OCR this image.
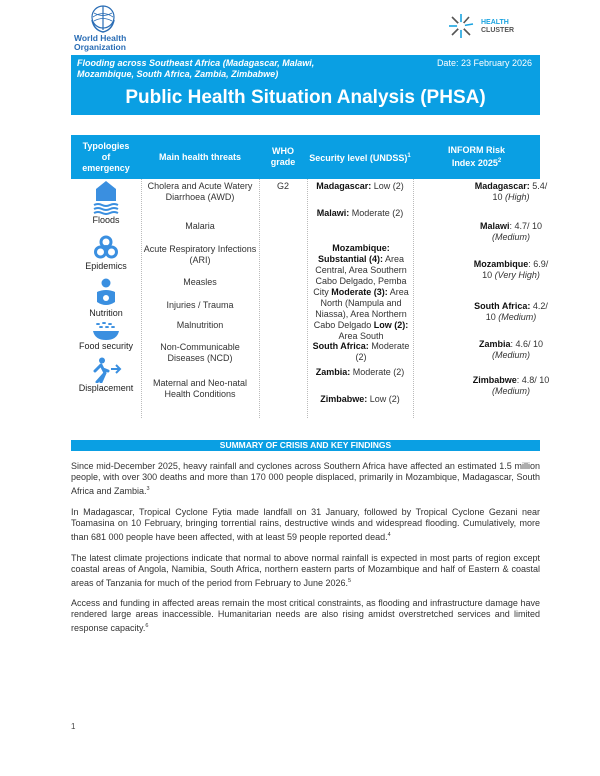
World Health
Organization
HEALTH
CLUSTER
Flooding across Southeast Africa (Madagascar, Malawi,
Mozambique, South Africa, Zambia, Zimbabwe)
Date: 23 February 2026
Public Health Situation Analysis (PHSA)
Typologies of emergency
Main health threats
WHO grade	Security level (UNDSS)$^1$
INFORM Risk Index 2025$^2$
Floods
Epidemics
Nutrition
Food security
Displacement
Cholera and Acute Watery Diarrhoea (AWD)
Malaria
Acute Respiratory Infections (ARI)
Measles
Injuries / Trauma
Malnutrition
Non-Communicable Diseases (NCD)
Maternal and Neo-natal Health Conditions
G2	Madagascar: Low (2)
Malawi: Moderate (2)
Mozambique: Substantial (4): Area Central, Area Southern Cabo Delgado, Pemba City Moderate (3): Area North (Nampula and Niassa), Area Northern Cabo Delgado Low (2): Area South
South Africa: Moderate (2)
Zambia: Moderate (2)
Zimbabwe: Low (2)
Madagascar: 5.4/ 10 (High)
Malawi: 4.7/ 10
(Medium)
Mozambique: 6.9/ 10 (Very High)
South Africa: 4.2/ 10 (Medium)
Zambia: 4.6/ 10
(Medium)
Zimbabwe: 4.8/ 10
(Medium)
SUMMARY OF CRISIS AND KEY FINDINGS
Since mid-December 2025, heavy rainfall and cyclones across Southern Africa have affected an estimated 1.5 million people, with over 300 deaths and more than 170 000 people displaced, primarily in Mozambique, Madagascar, South Africa and Zambia.$^3$
In Madagascar, Tropical Cyclone Fytia made landfall on 31 January, followed by Tropical Cyclone Gezani near Toamasina on 10 February, bringing torrential rains, destructive winds and widespread flooding. Cumulatively, more than 681 000 people have been affected, with at least 59 people reported dead.$^4$
The latest climate projections indicate that normal to above normal rainfall is expected in most parts of region except coastal areas of Angola, Namibia, South Africa, northern eastern parts of Mozambique and half of Eastern & coastal areas of Tanzania for much of the period from February to June 2026.$^5$
Access and funding in affected areas remain the most critical constraints, as flooding and infrastructure damage have rendered large areas inaccessible. Humanitarian needs are also rising amidst overstretched services and limited response capacity.$^6$
1
